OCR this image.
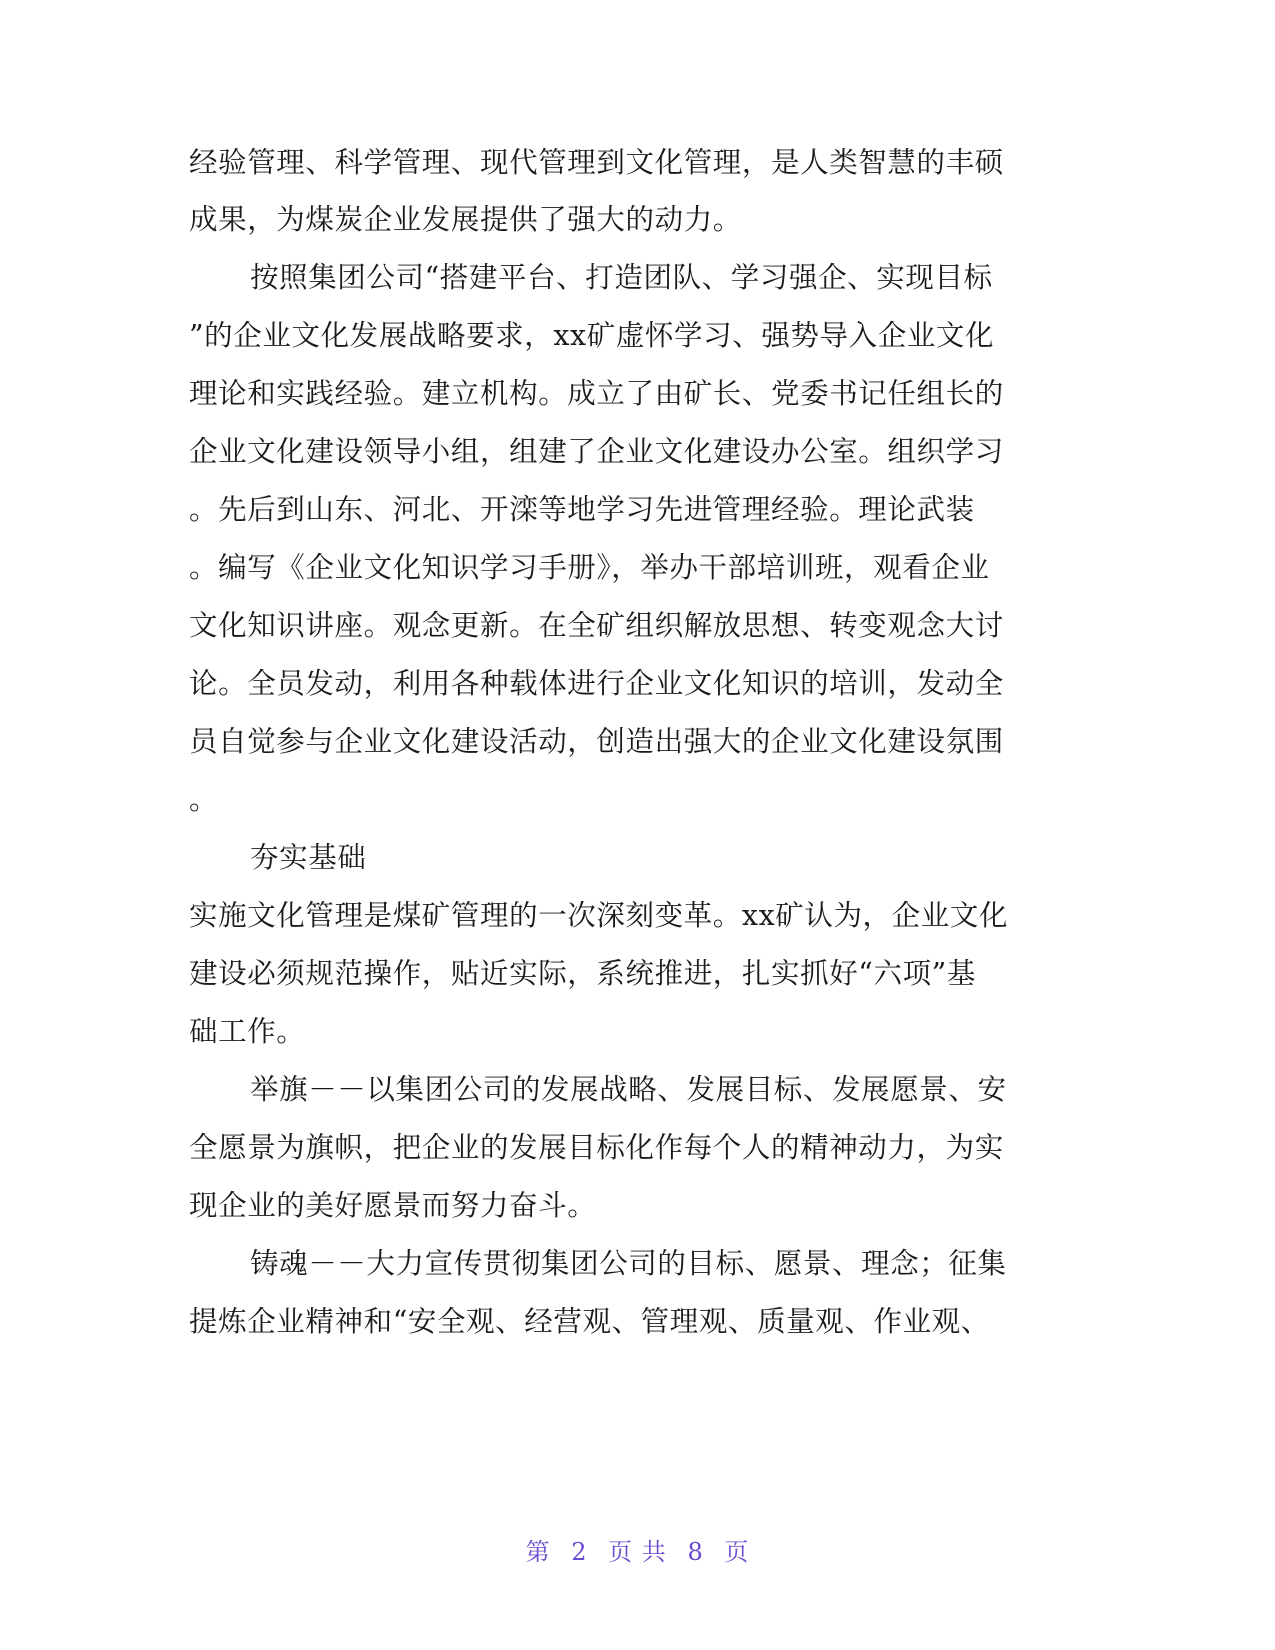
经验管理、科学管理、现代管理到文化管理，是人类智慧的丰硕
成果，为煤炭企业发展提供了强大的动力。
按照集团公司“搭建平台、打造团队、学习强企、实现目标
”的企业文化发展战略要求，xx矿虚怀学习、强势导入企业文化
理论和实践经验。建立机构。成立了由矿长、党委书记任组长的
企业文化建设领导小组，组建了企业文化建设办公室。组织学习
。先后到山东、河北、开滦等地学习先进管理经验。理论武装
。编写《企业文化知识学习手册》，举办干部培训班，观看企业
文化知识讲座。观念更新。在全矿组织解放思想、转变观念大讨
论。全员发动，利用各种载体进行企业文化知识的培训，发动全
员自觉参与企业文化建设活动，创造出强大的企业文化建设氛围
。
夯实基础
实施文化管理是煤矿管理的一次深刻变革。xx矿认为，企业文化
建设必须规范操作，贴近实际，系统推进，扎实抓好“六项”基
础工作。
举旗－－以集团公司的发展战略、发展目标、发展愿景、安
全愿景为旗帜，把企业的发展目标化作每个人的精神动力，为实
现企业的美好愿景而努力奋斗。
铸魂－－大力宣传贯彻集团公司的目标、愿景、理念；征集
提炼企业精神和“安全观、经营观、管理观、质量观、作业观、
第 2 页 共 8 页
